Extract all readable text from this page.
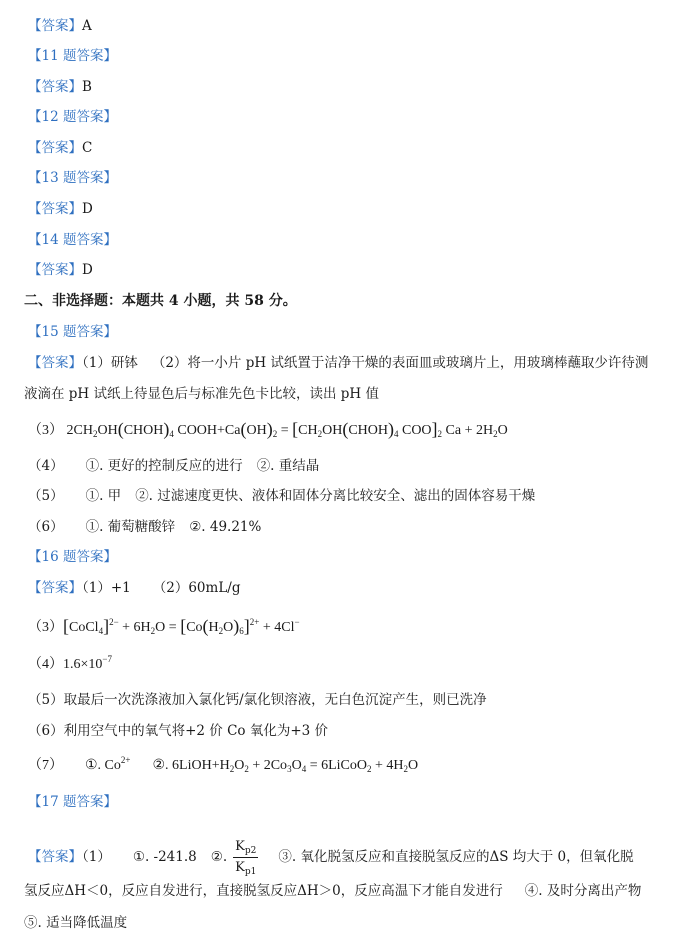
【答案】A
【11 题答案】
【答案】B
【12 题答案】
【答案】C
【13 题答案】
【答案】D
【14 题答案】
【答案】D
二、非选择题：本题共 4 小题，共 58 分。
【15 题答案】
【答案】（1）研钵 （2）将一小片 pH 试纸置于洁净干燥的表面皿或玻璃片上，用玻璃棒蘸取少许待测
液滴在 pH 试纸上待显色后与标准先色卡比较，读出 pH 值
（3） $2CH_2OH(CHOH)_4$ $COOH+Ca(OH)_2$ = [$CH_2OH(CHOH)_4$ $COO]_2$ $Ca + 2H_2O$
（4） ①. 更好的控制反应的进行 ②. 重结晶
（5） ①. 甲 ②. 过滤速度更快、液体和固体分离比较安全、滤出的固体容易干燥
（6） ①. 葡萄糖酸锌 ②. 49.21%
【16 题答案】
【答案】（1）+1 （2）60mL/g
（3）[CoCl$_4$]$^{2-}$ + $6H_2O = [Co(H_2O)_6]^{2+} + 4Cl^-$
$(4)1.6\times 10^{-7}$
（5）取最后一次洗涤液加入氯化钙/氯化钡溶液，无白色沉淀产生，则已洗净
（6）利用空气中的氧气将+2 价 Co 氧化为+3 价
（7） ①. $Co^{2+}$ ②. $6LiOH+H_2O_2 + 2Co_3O_4$ = 6LiCoO$_2$ + $4H_2O$
【17 题答案】
【答案】（1） ①. -241.8 ②. $\frac{K_{p2}}{K_{p1}}$ ③. 氧化脱氢反应和直接脱氢反应的ΔS 均大于 0，但氧化脱
氢反应ΔH＜0，反应自发进行，直接脱氢反应ΔH＞0，反应高温下才能自发进行 ④. 及时分离出产物
⑤. 适当降低温度
